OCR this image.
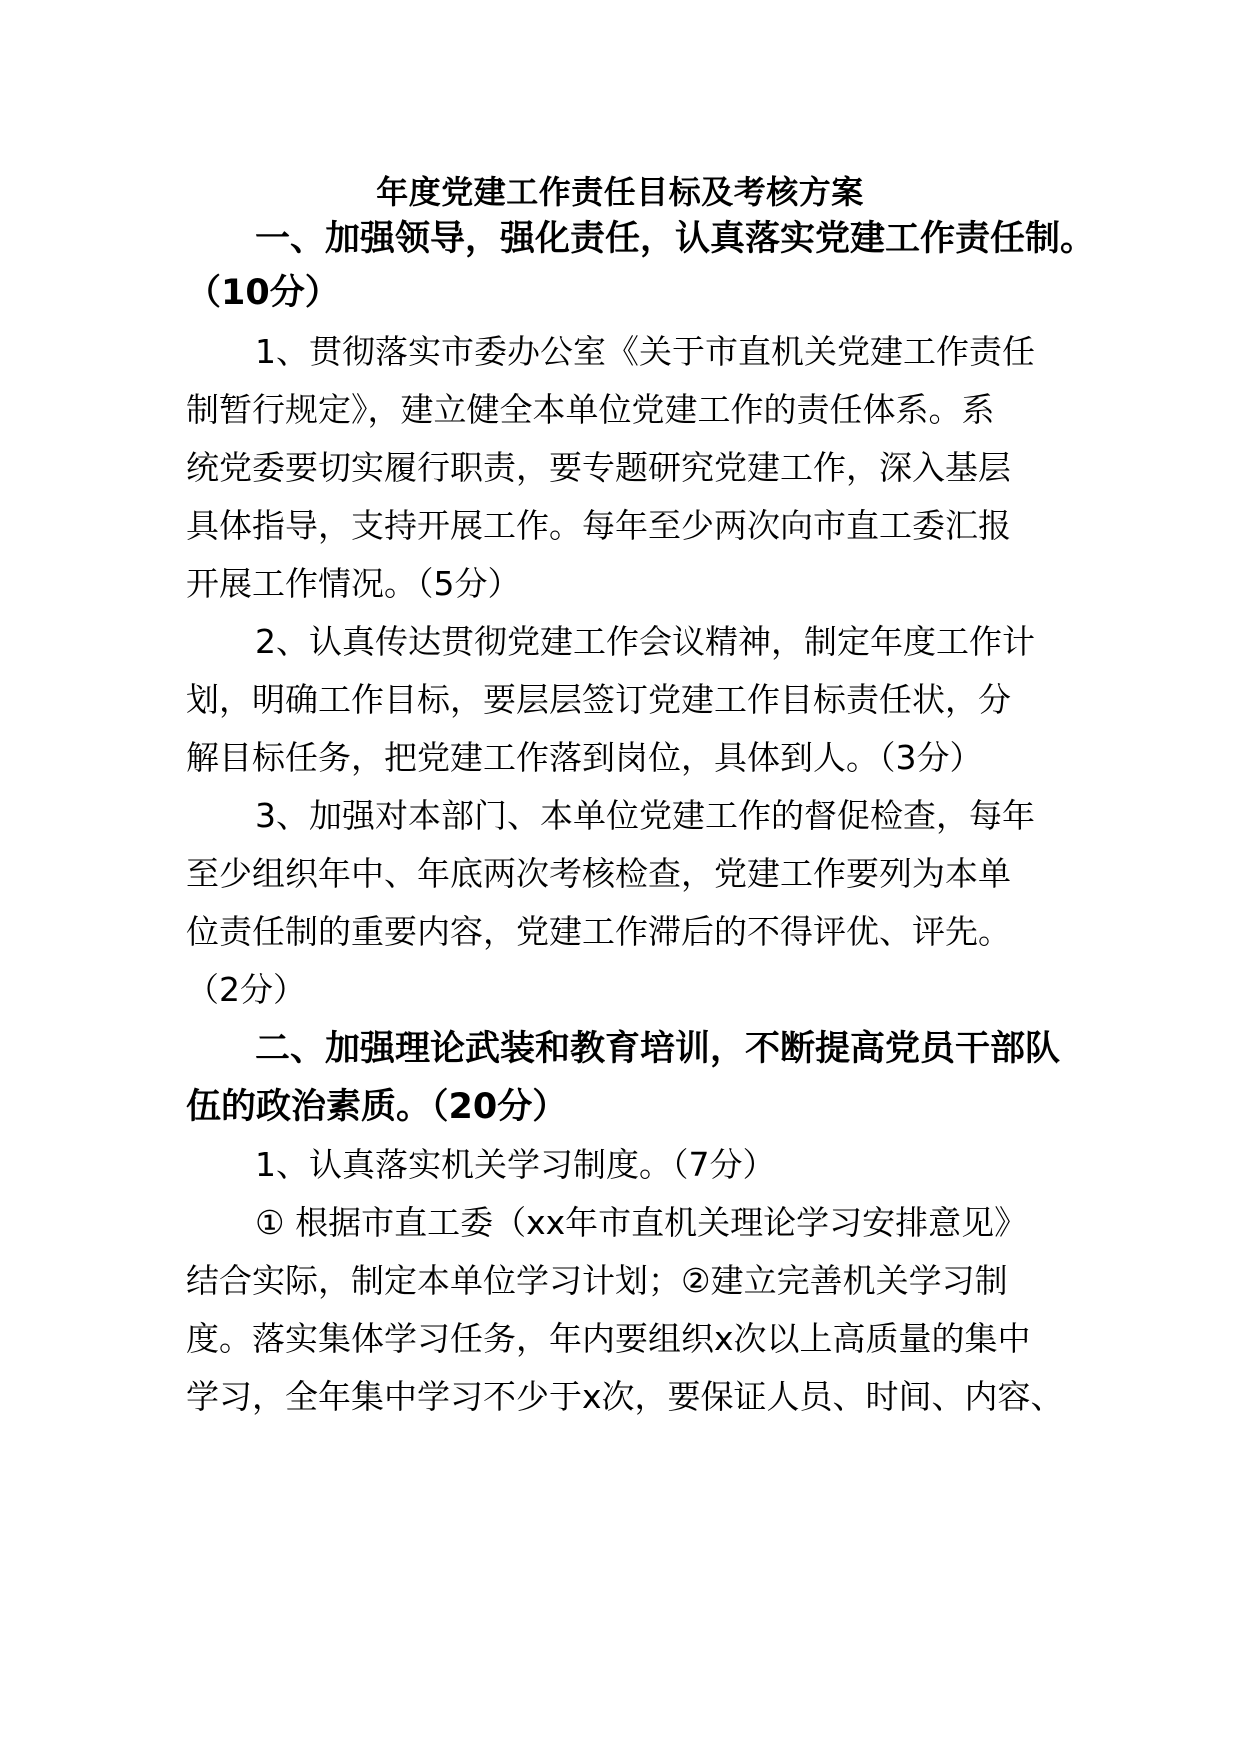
年度党建工作责任目标及考核方案
一、加强领导，强化责任，认真落实党建工作责任制。
（10分）
1、贯彻落实市委办公室《关于市直机关党建工作责任
制暂行规定》，建立健全本单位党建工作的责任体系。系
统党委要切实履行职责，要专题研究党建工作，深入基层
具体指导，支持开展工作。每年至少两次向市直工委汇报
开展工作情况。（5分）
2、认真传达贯彻党建工作会议精神，制定年度工作计
划，明确工作目标，要层层签订党建工作目标责任状，分
解目标任务，把党建工作落到岗位，具体到人。（3分）
3、加强对本部门、本单位党建工作的督促检查，每年
至少组织年中、年底两次考核检查，党建工作要列为本单
位责任制的重要内容，党建工作滞后的不得评优、评先。
（2分）
二、加强理论武装和教育培训，不断提高党员干部队
伍的政治素质。（20分）
1、认真落实机关学习制度。（7分）
① 根据市直工委（xx年市直机关理论学习安排意见》
结合实际，制定本单位学习计划；②建立完善机关学习制
度。落实集体学习任务，年内要组织x次以上高质量的集中
学习，全年集中学习不少于x次，要保证人员、时间、内容、
